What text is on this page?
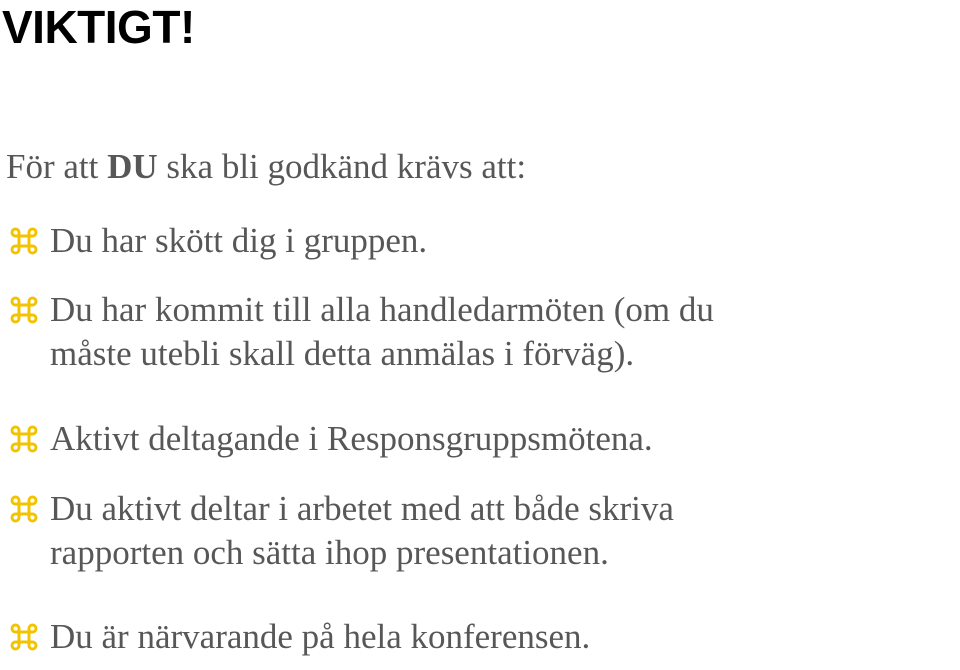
VIKTIGT!

För att DU ska bli godkänd krävs att:

Du har skött dig i gruppen.

Du har kommit till alla handledarmöten (om du
måste utebli skall detta anmälas i förväg).

Aktivt deltagande i Responsgruppsmötena.

Du aktivt deltar i arbetet med att både skriva
rapporten och sätta ihop presentationen.

Du är närvarande på hela konferensen.
